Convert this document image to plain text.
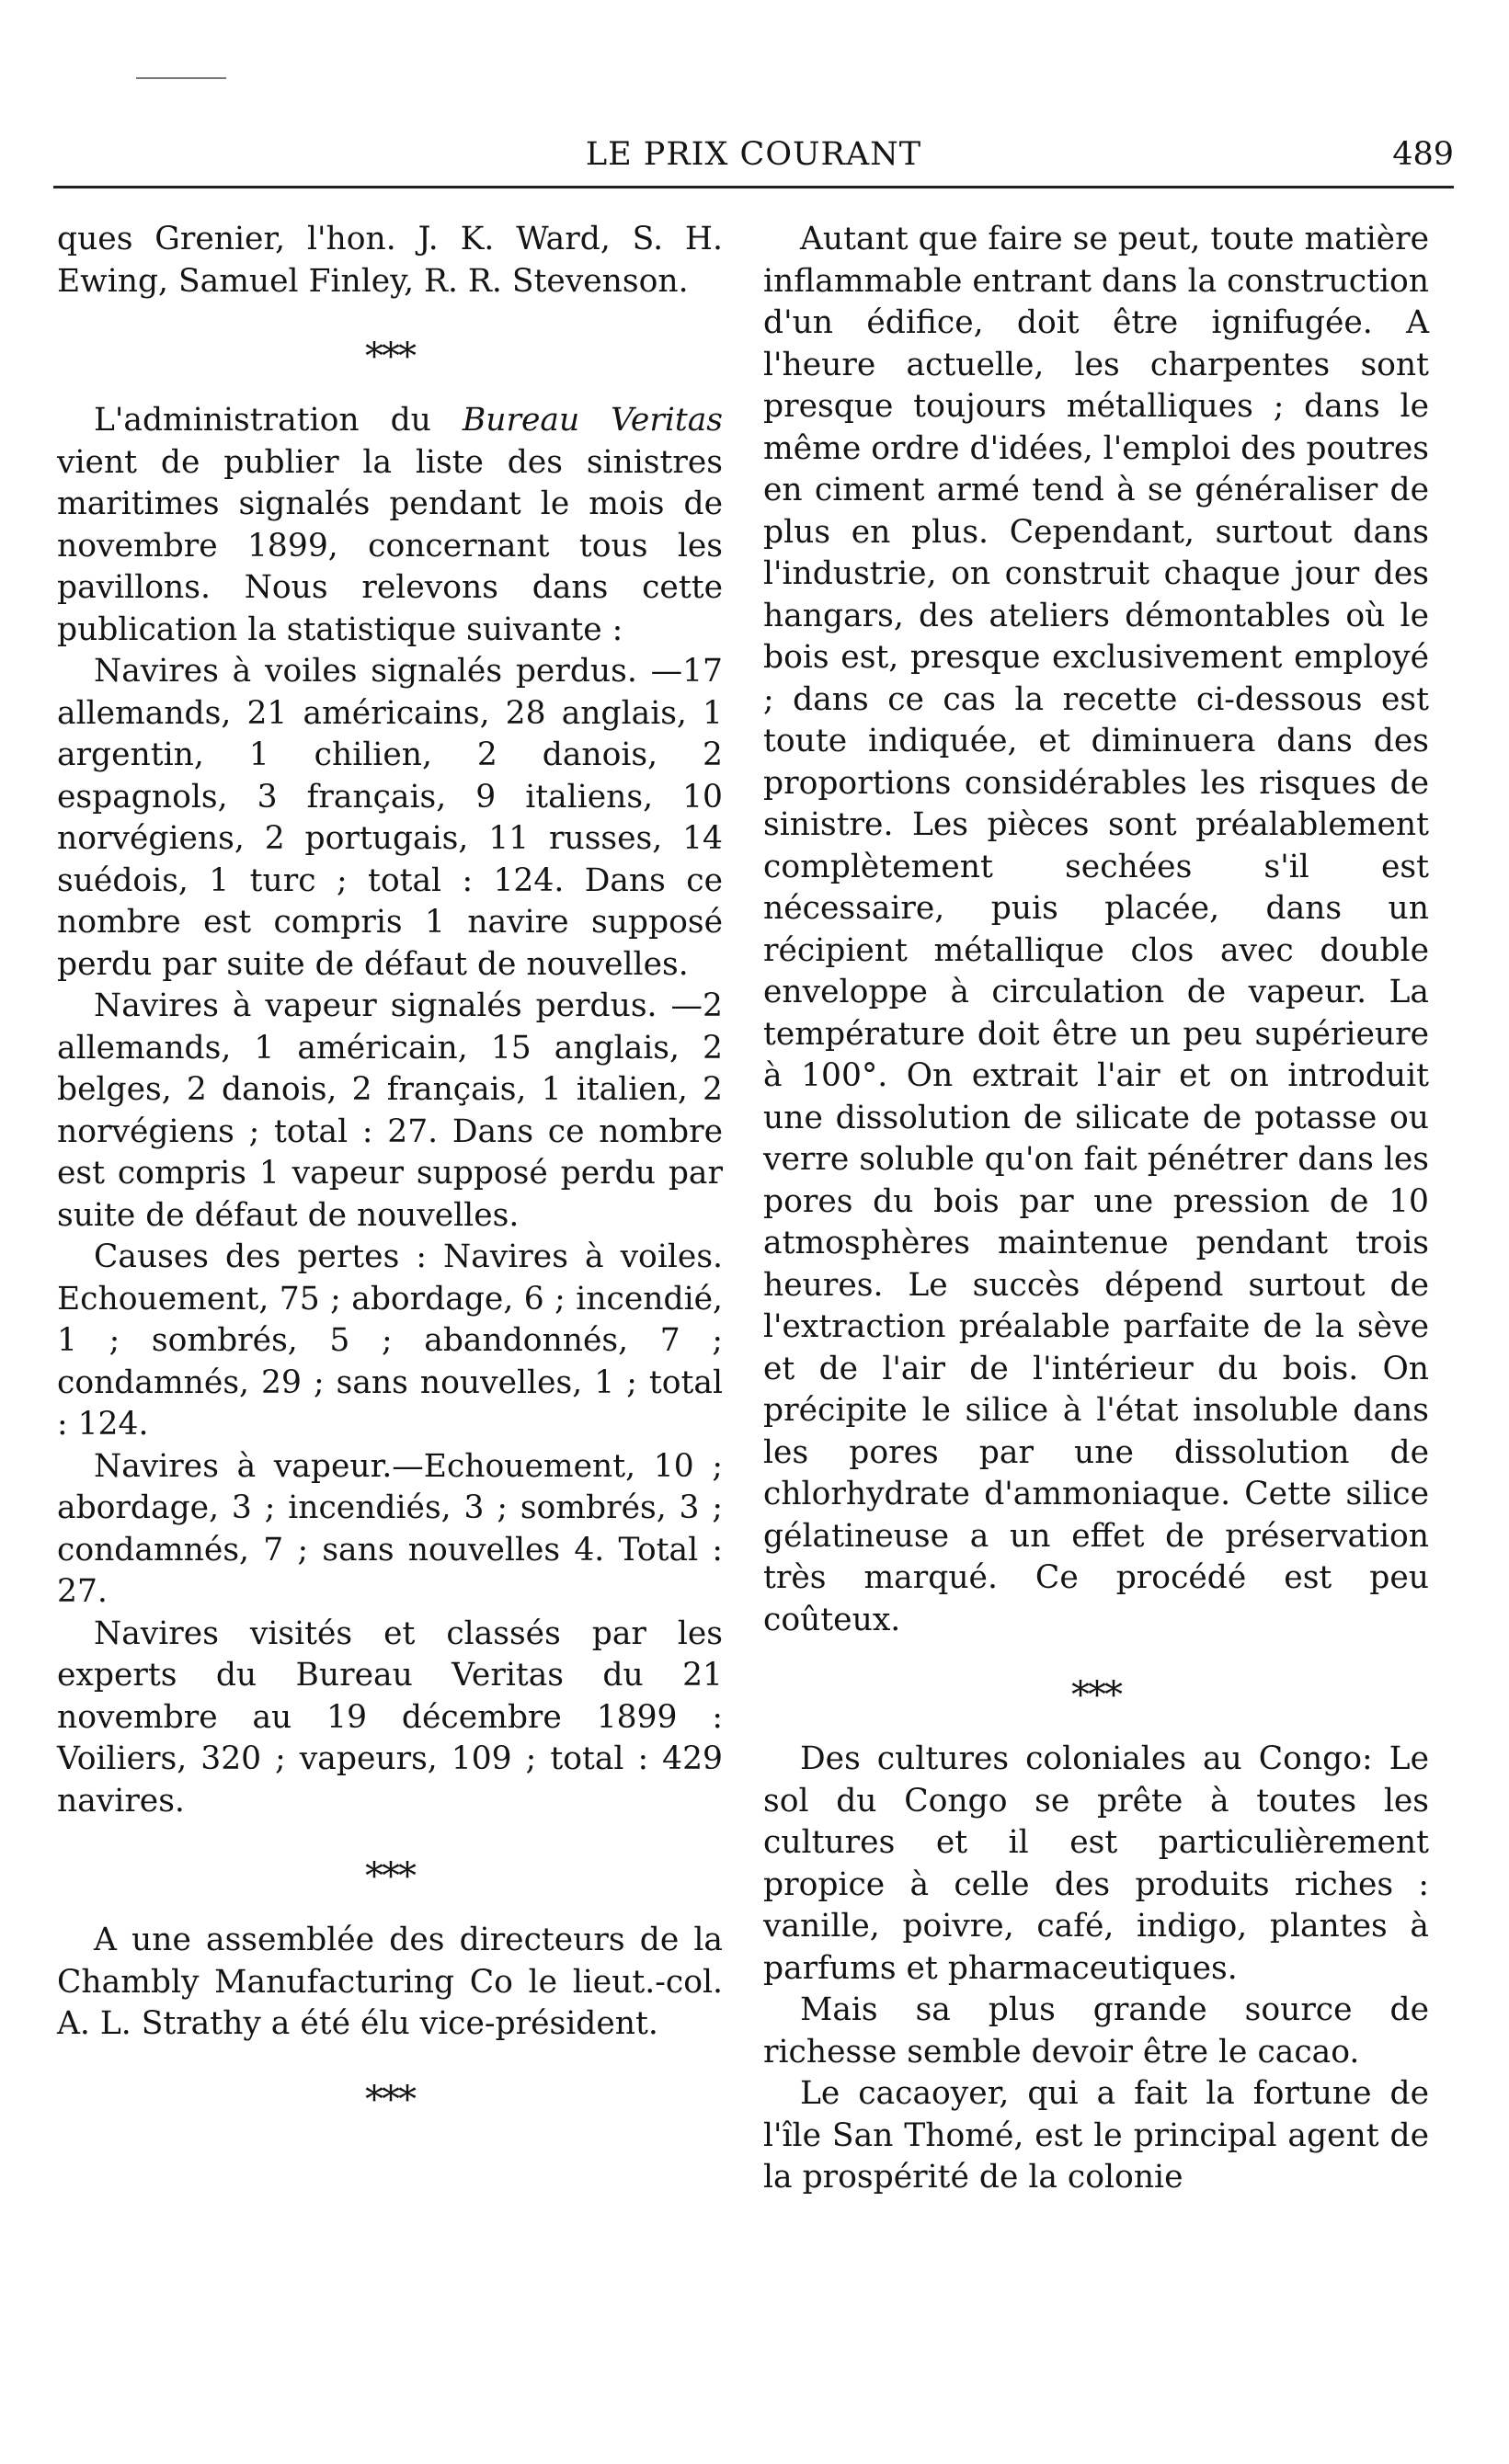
LE PRIX COURANT	489

ques Grenier, l'hon. J. K. Ward, S. H. Ewing, Samuel Finley, R. R. Stevenson.

***

L'administration du Bureau Veritas vient de publier la liste des sinistres maritimes signalés pendant le mois de novembre 1899, concernant tous les pavillons. Nous relevons dans cette publication la statistique suivante :

Navires à voiles signalés perdus. —17 allemands, 21 américains, 28 anglais, 1 argentin, 1 chilien, 2 danois, 2 espagnols, 3 français, 9 italiens, 10 norvégiens, 2 portugais, 11 russes, 14 suédois, 1 turc ; total : 124. Dans ce nombre est compris 1 navire supposé perdu par suite de défaut de nouvelles.

Navires à vapeur signalés perdus. —2 allemands, 1 américain, 15 anglais, 2 belges, 2 danois, 2 français, 1 italien, 2 norvégiens ; total : 27. Dans ce nombre est compris 1 vapeur supposé perdu par suite de défaut de nouvelles.

Causes des pertes : Navires à voiles. Echouement, 75 ; abordage, 6 ; incendié, 1 ; sombrés, 5 ; abandonnés, 7 ; condamnés, 29 ; sans nouvelles, 1 ; total : 124.

Navires à vapeur.—Echouement, 10 ; abordage, 3 ; incendiés, 3 ; sombrés, 3 ; condamnés, 7 ; sans nouvelles 4. Total : 27.

Navires visités et classés par les experts du Bureau Veritas du 21 novembre au 19 décembre 1899 : Voiliers, 320 ; vapeurs, 109 ; total : 429 navires.

***

A une assemblée des directeurs de la Chambly Manufacturing Co le lieut.-col. A. L. Strathy a été élu vice-président.

***

Autant que faire se peut, toute matière inflammable entrant dans la construction d'un édifice, doit être ignifugée. A l'heure actuelle, les charpentes sont presque toujours métalliques ; dans le même ordre d'idées, l'emploi des poutres en ciment armé tend à se généraliser de plus en plus. Cependant, surtout dans l'industrie, on construit chaque jour des hangars, des ateliers démontables où le bois est, presque exclusivement employé ; dans ce cas la recette ci-dessous est toute indiquée, et diminuera dans des proportions considérables les risques de sinistre. Les pièces sont préalablement complètement sechées s'il est nécessaire, puis placée, dans un récipient métallique clos avec double enveloppe à circulation de vapeur. La température doit être un peu supérieure à 100°. On extrait l'air et on introduit une dissolution de silicate de potasse ou verre soluble qu'on fait pénétrer dans les pores du bois par une pression de 10 atmosphères maintenue pendant trois heures. Le succès dépend surtout de l'extraction préalable parfaite de la sève et de l'air de l'intérieur du bois. On précipite le silice à l'état insoluble dans les pores par une dissolution de chlorhydrate d'ammoniaque. Cette silice gélatineuse a un effet de préservation très marqué. Ce procédé est peu coûteux.

***

Des cultures coloniales au Congo: Le sol du Congo se prête à toutes les cultures et il est particulièrement propice à celle des produits riches : vanille, poivre, café, indigo, plantes à parfums et pharmaceutiques.

Mais sa plus grande source de richesse semble devoir être le cacao.

Le cacaoyer, qui a fait la fortune de l'île San Thomé, est le principal agent de la prospérité de la colonie
